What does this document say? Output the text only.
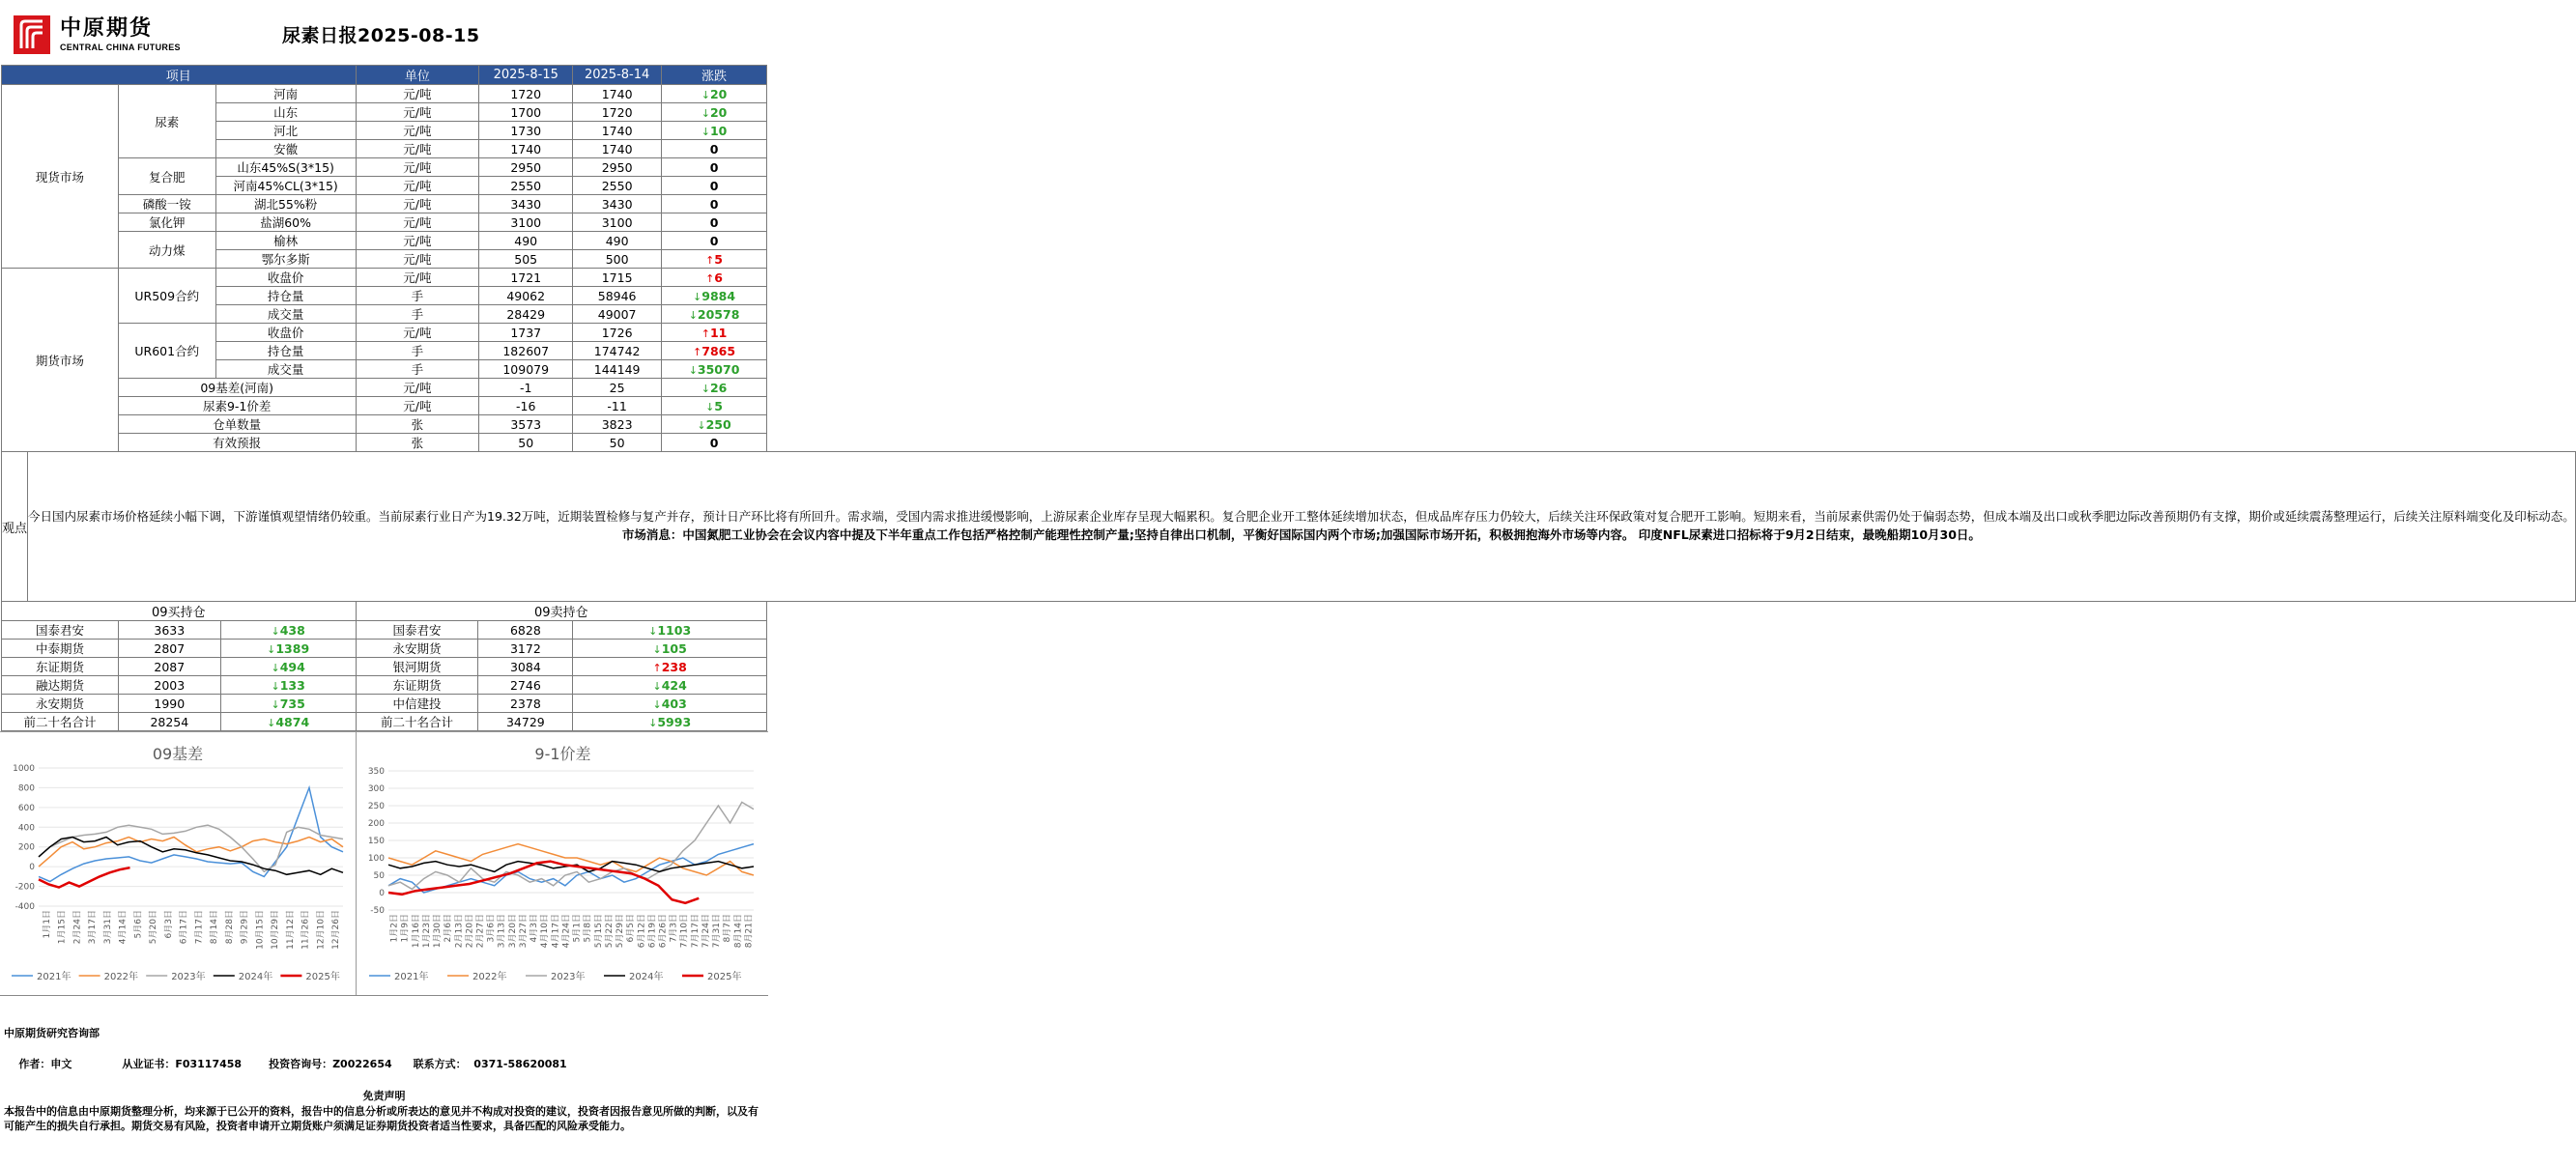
中原期货
CENTRAL CHINA FUTURES
尿素日报2025-08-15
项目			单位	2025-8-15	2025-8-14	涨跌
现货市场	尿素	河南	元/吨	1720	1740	↓20
		山东	元/吨	1700	1720	↓20
		河北	元/吨	1730	1740	↓10
		安徽	元/吨	1740	1740	0
	复合肥	山东45%S(3*15)	元/吨	2950	2950	0
		河南45%CL(3*15)	元/吨	2550	2550	0
	磷酸一铵	湖北55%粉	元/吨	3430	3430	0
	氯化钾	盐湖60%	元/吨	3100	3100	0
	动力煤	榆林	元/吨	490	490	0
		鄂尔多斯	元/吨	505	500	↑5
期货市场	UR509合约	收盘价	元/吨	1721	1715	↑6
		持仓量	手	49062	58946	↓9884
		成交量	手	28429	49007	↓20578
	UR601合约	收盘价	元/吨	1737	1726	↑11
		持仓量	手	182607	174742	↑7865
		成交量	手	109079	144149	↓35070
	09基差(河南)		元/吨	-1	25	↓26
	尿素9-1价差		元/吨	-16	-11	↓5
	仓单数量		张	3573	3823	↓250
	有效预报		张	50	50	0
观点	今日国内尿素市场价格延续小幅下调，下游谨慎观望情绪仍较重。当前尿素行业日产为19.32万吨，近期装置检修与复产并存，预计日产环比将有所回升。需求端，受国内需求推进缓慢影响，上游尿素企业库存呈现大幅累积。复合肥企业开工整体延续增加状态，但成品库存压力仍较大，后续关注环保政策对复合肥开工影响。短期来看，当前尿素供需仍处于偏弱态势，但成本端及出口或秋季肥边际改善预期仍有支撑，期价或延续震荡整理运行，后续关注原料端变化及印标动态。
市场消息：中国氮肥工业协会在会议内容中提及下半年重点工作包括严格控制产能理性控制产量;坚持自律出口机制，平衡好国际国内两个市场;加强国际市场开拓，积极拥抱海外市场等内容。 印度NFL尿素进口招标将于9月2日结束，最晚船期10月30日。
09买持仓			09卖持仓		
国泰君安	3633	↓438	国泰君安	6828	↓1103
中泰期货	2807	↓1389	永安期货	3172	↓105
东证期货	2087	↓494	银河期货	3084	↑238
融达期货	2003	↓133	东证期货	2746	↓424
永安期货	1990	↓735	中信建投	2378	↓403
前二十名合计	28254	↓4874	前二十名合计	34729	↓5993
09基差
1000
800
600
400
200
0
-200
-400
1月1日 1月15日 2月24日 3月17日 3月31日 4月14日 5月6日 5月20日 6月3日 6月17日 7月17日 8月14日 8月28日 9月29日 10月15日 10月29日 11月12日 11月26日 12月10日 12月26日
2021年	2022年	2023年	2024年	2025年
9-1价差
350
300
250
200
150
100
50
0
-50
1月2日 1月9日 1月16日 1月23日 1月30日 2月6日 2月13日 2月20日 2月27日 3月6日 3月13日 3月20日 3月27日 4月3日 4月10日 4月17日 4月24日 5月1日 5月8日 5月15日 5月22日 5月29日 6月5日 6月12日 6月19日 6月26日 7月3日 7月10日 7月17日 7月24日 7月31日 8月7日 8月14日 8月21日
2021年	2022年	2023年	2024年	2025年
中原期货研究咨询部

作者：申文	从业证书：F03117458	投资咨询号：Z0022654 联系方式：  0371-58620081

免责声明
本报告中的信息由中原期货整理分析，均来源于已公开的资料，报告中的信息分析或所表达的意见并不构成对投资的建议，投资者因报告意见所做的判断，以及有可能产生的损失自行承担。期货交易有风险，投资者申请开立期货账户须满足证券期货投资者适当性要求，具备匹配的风险承受能力。
